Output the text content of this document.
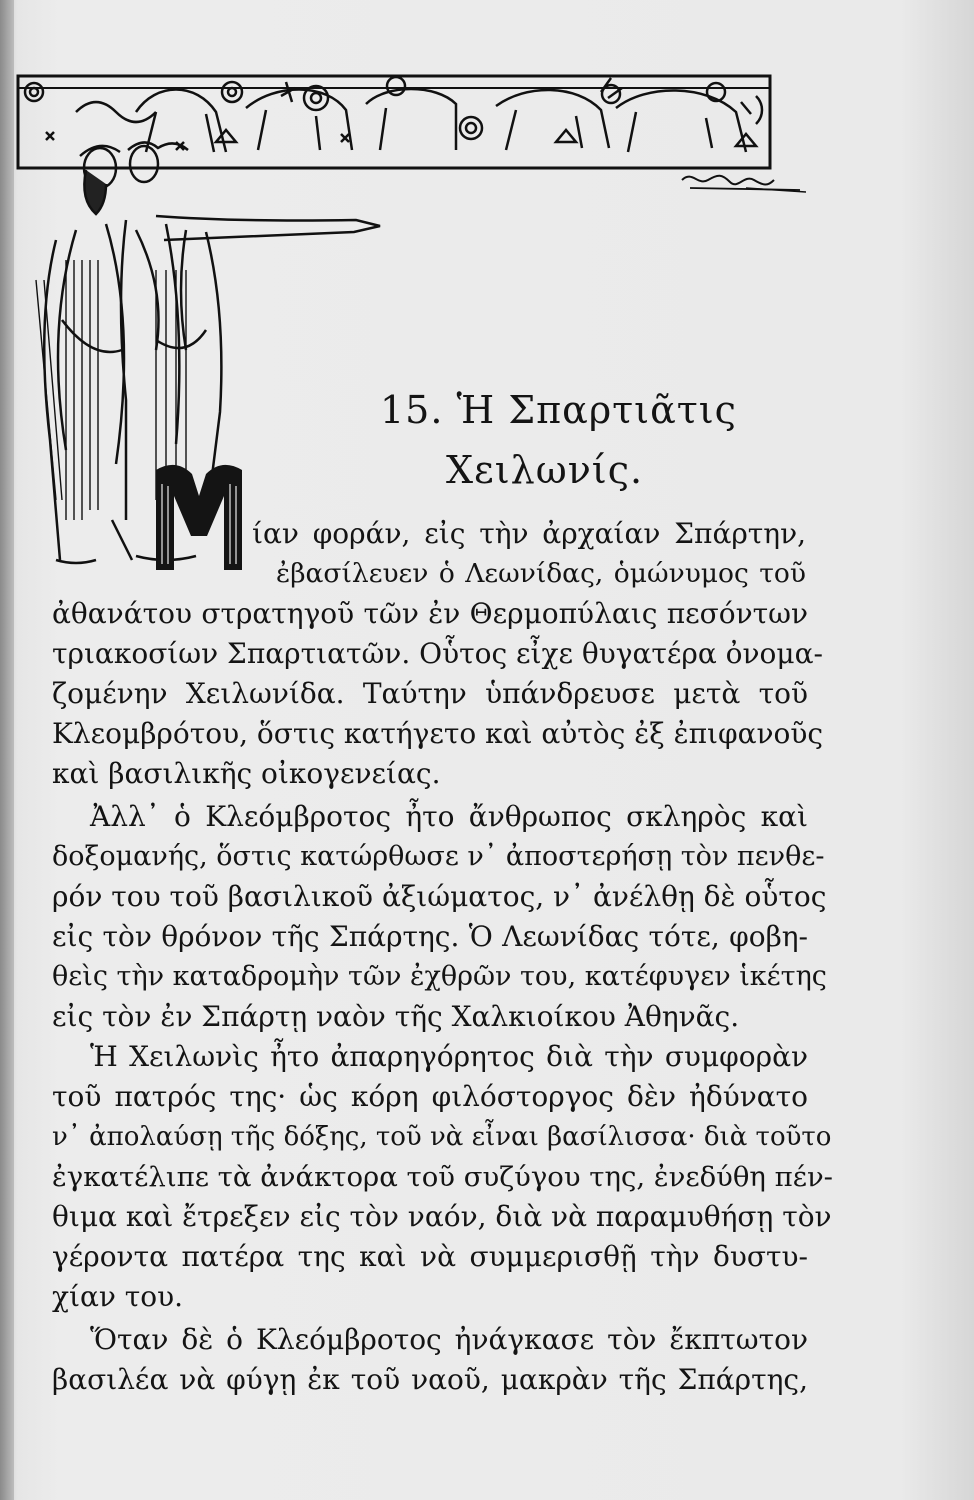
⠀
15. Ἡ Σπαρτιᾶτις
Χειλωνίς.
ίαν φοράν, εἰς τὴν ἀρχαίαν Σπάρτην,
ἐβασίλευεν ὁ Λεωνίδας, ὁμώνυμος τοῦ
ἀθανάτου στρατηγοῦ τῶν ἐν Θερμοπύλαις πεσόντων
τριακοσίων Σπαρτιατῶν. Οὗτος εἶχε θυγατέρα ὀνομα-
ζομένην Χειλωνίδα. Ταύτην ὑπάνδρευσε μετὰ τοῦ
Κλεομβρότου, ὅστις κατήγετο καὶ αὐτὸς ἐξ ἐπιφανοῦς
καὶ βασιλικῆς οἰκογενείας.
Ἀλλ᾽ ὁ Κλεόμβροτος ἦτο ἄνθρωπος σκληρὸς καὶ
δοξομανής, ὅστις κατώρθωσε ν᾽ ἀποστερήσῃ τὸν πενθε-
ρόν του τοῦ βασιλικοῦ ἀξιώματος, ν᾽ ἀνέλθῃ δὲ οὗτος
εἰς τὸν θρόνον τῆς Σπάρτης. Ὁ Λεωνίδας τότε, φοβη-
θεὶς τὴν καταδρομὴν τῶν ἐχθρῶν του, κατέφυγεν ἱκέτης
εἰς τὸν ἐν Σπάρτῃ ναὸν τῆς Χαλκιοίκου Ἀθηνᾶς.
Ἡ Χειλωνὶς ἦτο ἀπαρηγόρητος διὰ τὴν συμφορὰν
τοῦ πατρός της· ὡς κόρη φιλόστοργος δὲν ἠδύνατο
ν᾽ ἀπολαύσῃ τῆς δόξης, τοῦ νὰ εἶναι βασίλισσα· διὰ τοῦτο
ἐγκατέλιπε τὰ ἀνάκτορα τοῦ συζύγου της, ἐνεδύθη πέν-
θιμα καὶ ἔτρεξεν εἰς τὸν ναόν, διὰ νὰ παραμυθήσῃ τὸν
γέροντα πατέρα της καὶ νὰ συμμερισθῇ τὴν δυστυ-
χίαν του.
Ὅταν δὲ ὁ Κλεόμβροτος ἠνάγκασε τὸν ἔκπτωτον
βασιλέα νὰ φύγῃ ἐκ τοῦ ναοῦ, μακρὰν τῆς Σπάρτης,
